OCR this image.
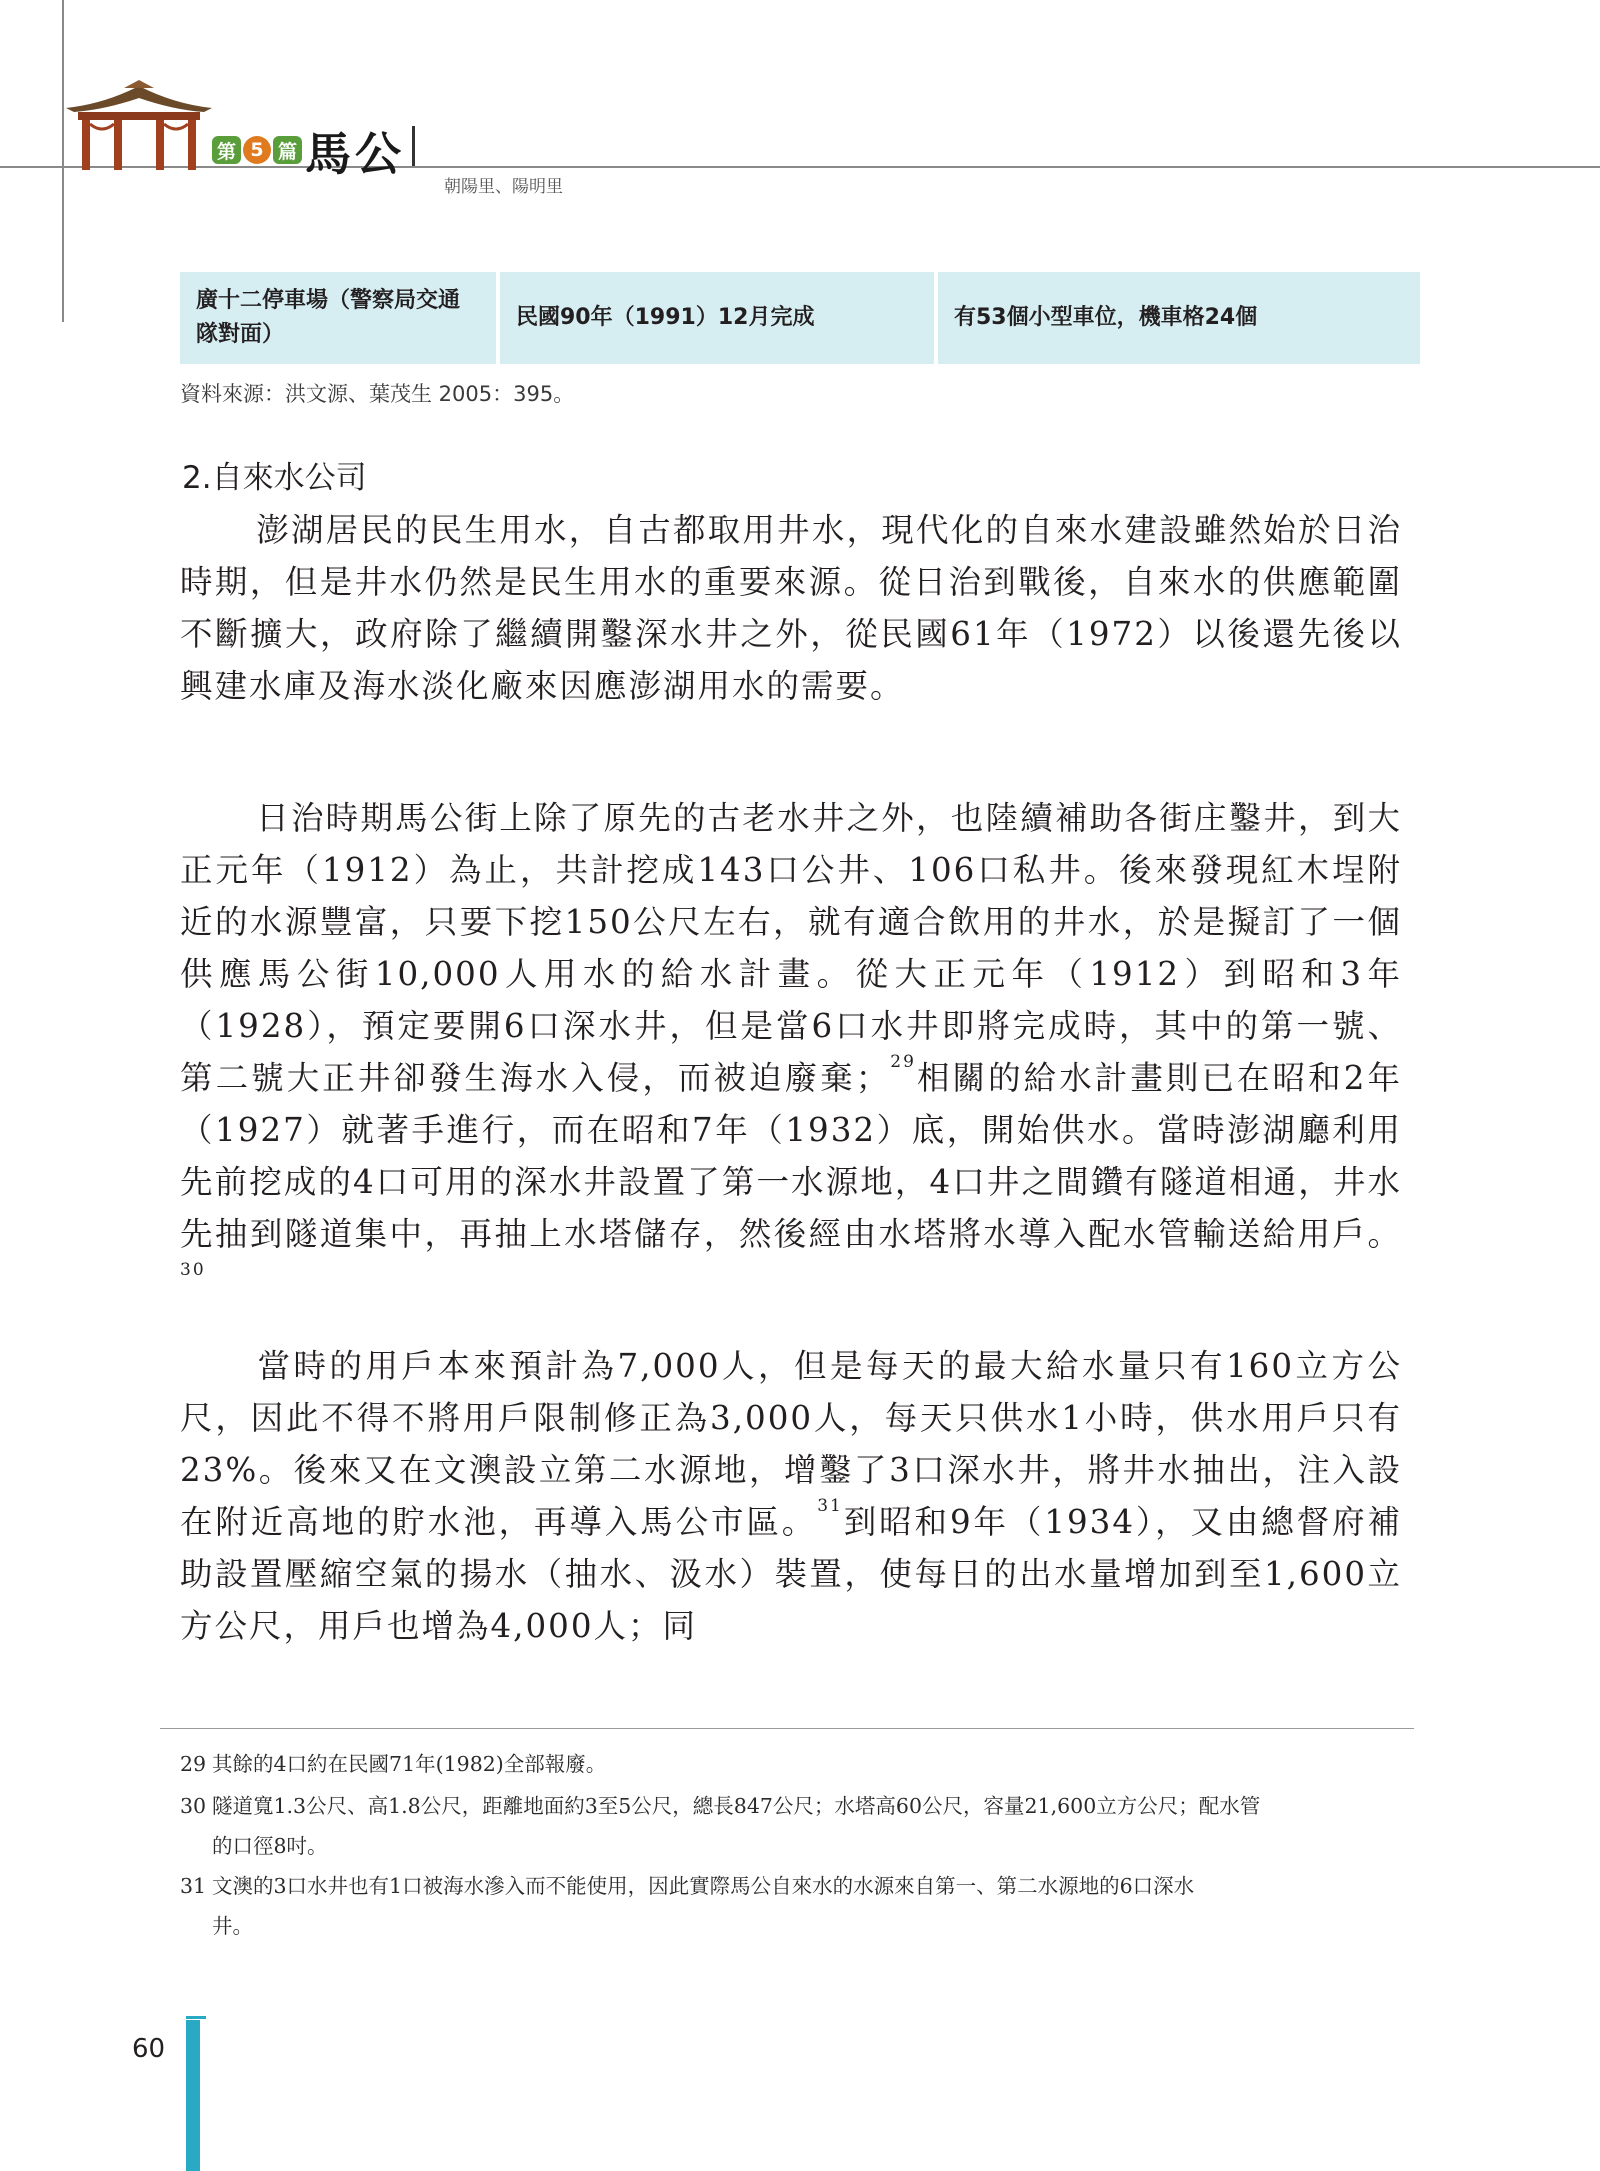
第 5 篇 馬公
朝陽里、陽明里
廣十二停車場（警察局交通隊對面）
民國90年（1991）12月完成	有53個小型車位，機車格24個
資料來源：洪文源、葉茂生 2005：395。
2.自來水公司
澎湖居民的民生用水，自古都取用井水，現代化的自來水建設雖然始於日治時期，但是井水仍然是民生用水的重要來源。從日治到戰後，自來水的供應範圍不斷擴大，政府除了繼續開鑿深水井之外，從民國61年（1972）以後還先後以興建水庫及海水淡化廠來因應澎湖用水的需要。
日治時期馬公街上除了原先的古老水井之外，也陸續補助各街庄鑿井，到大正元年（1912）為止，共計挖成143口公井、106口私井。後來發現紅木埕附近的水源豐富，只要下挖150公尺左右，就有適合飲用的井水，於是擬訂了一個供應馬公街10,000人用水的給水計畫。從大正元年（1912）到昭和3年（1928），預定要開6口深水井，但是當6口水井即將完成時，其中的第一號、第二號大正井卻發生海水入侵，而被迫廢棄；$^{29}$相關的給水計畫則已在昭和2年（1927）就著手進行，而在昭和7年（1932）底，開始供水。當時澎湖廳利用先前挖成的4口可用的深水井設置了第一水源地，4口井之間鑽有隧道相通，井水先抽到隧道集中，再抽上水塔儲存，然後經由水塔將水導入配水管輸送給用戶。$^{30}$
當時的用戶本來預計為7,000人，但是每天的最大給水量只有160立方公尺，因此不得不將用戶限制修正為3,000人，每天只供水1小時，供水用戶只有23%。後來又在文澳設立第二水源地，增鑿了3口深水井，將井水抽出，注入設在附近高地的貯水池，再導入馬公市區。$^{31}$到昭和9年（1934），又由總督府補助設置壓縮空氣的揚水（抽水、汲水）裝置，使每日的出水量增加到至1,600立方公尺，用戶也增為4,000人；同
29 其餘的4口約在民國71年(1982)全部報廢。
30 隧道寬1.3公尺、高1.8公尺，距離地面約3至5公尺，總長847公尺；水塔高60公尺，容量21,600立方公尺；配水管
的口徑8吋。
31 文澳的3口水井也有1口被海水滲入而不能使用，因此實際馬公自來水的水源來自第一、第二水源地的6口深水
井。
60
